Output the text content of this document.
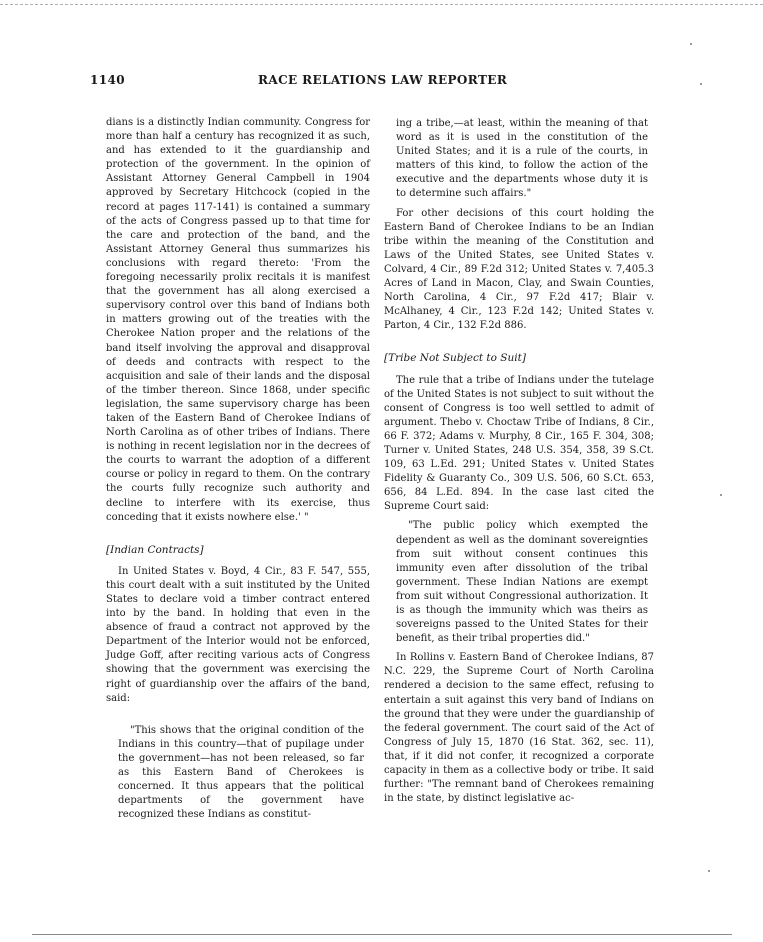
1140	RACE RELATIONS LAW REPORTER

dians is a distinctly Indian community. Congress for more than half a century has recognized it as such, and has extended to it the guardianship and protection of the government. In the opinion of Assistant Attorney General Campbell in 1904 approved by Secretary Hitchcock (copied in the record at pages 117-141) is contained a summary of the acts of Congress passed up to that time for the care and protection of the band, and the Assistant Attorney General thus summarizes his conclusions with regard thereto: 'From the foregoing necessarily prolix recitals it is manifest that the government has all along exercised a supervisory control over this band of Indians both in matters growing out of the treaties with the Cherokee Nation proper and the relations of the band itself involving the approval and disapproval of deeds and contracts with respect to the acquisition and sale of their lands and the disposal of the timber thereon. Since 1868, under specific legislation, the same supervisory charge has been taken of the Eastern Band of Cherokee Indians of North Carolina as of other tribes of Indians. There is nothing in recent legislation nor in the decrees of the courts to warrant the adoption of a different course or policy in regard to them. On the contrary the courts fully recognize such authority and decline to interfere with its exercise, thus conceding that it exists nowhere else.' "

[Indian Contracts]

In United States v. Boyd, 4 Cir., 83 F. 547, 555, this court dealt with a suit instituted by the United States to declare void a timber contract entered into by the band. In holding that even in the absence of fraud a contract not approved by the Department of the Interior would not be enforced, Judge Goff, after reciting various acts of Congress showing that the government was exercising the right of guardianship over the affairs of the band, said:

"This shows that the original condition of the Indians in this country—that of pupilage under the government—has not been released, so far as this Eastern Band of Cherokees is concerned. It thus appears that the political departments of the government have recognized these Indians as constitut-

ing a tribe,—at least, within the meaning of that word as it is used in the constitution of the United States; and it is a rule of the courts, in matters of this kind, to follow the action of the executive and the departments whose duty it is to determine such affairs."

For other decisions of this court holding the Eastern Band of Cherokee Indians to be an Indian tribe within the meaning of the Constitution and Laws of the United States, see United States v. Colvard, 4 Cir., 89 F.2d 312; United States v. 7,405.3 Acres of Land in Macon, Clay, and Swain Counties, North Carolina, 4 Cir., 97 F.2d 417; Blair v. McAlhaney, 4 Cir., 123 F.2d 142; United States v. Parton, 4 Cir., 132 F.2d 886.

[Tribe Not Subject to Suit]

The rule that a tribe of Indians under the tutelage of the United States is not subject to suit without the consent of Congress is too well settled to admit of argument. Thebo v. Choctaw Tribe of Indians, 8 Cir., 66 F. 372; Adams v. Murphy, 8 Cir., 165 F. 304, 308; Turner v. United States, 248 U.S. 354, 358, 39 S.Ct. 109, 63 L.Ed. 291; United States v. United States Fidelity & Guaranty Co., 309 U.S. 506, 60 S.Ct. 653, 656, 84 L.Ed. 894. In the case last cited the Supreme Court said:

"The public policy which exempted the dependent as well as the dominant sovereignties from suit without consent continues this immunity even after dissolution of the tribal government. These Indian Nations are exempt from suit without Congressional authorization. It is as though the immunity which was theirs as sovereigns passed to the United States for their benefit, as their tribal properties did."

In Rollins v. Eastern Band of Cherokee Indians, 87 N.C. 229, the Supreme Court of North Carolina rendered a decision to the same effect, refusing to entertain a suit against this very band of Indians on the ground that they were under the guardianship of the federal government. The court said of the Act of Congress of July 15, 1870 (16 Stat. 362, sec. 11), that, if it did not confer, it recognized a corporate capacity in them as a collective body or tribe. It said further: "The remnant band of Cherokees remaining in the state, by distinct legislative ac-
